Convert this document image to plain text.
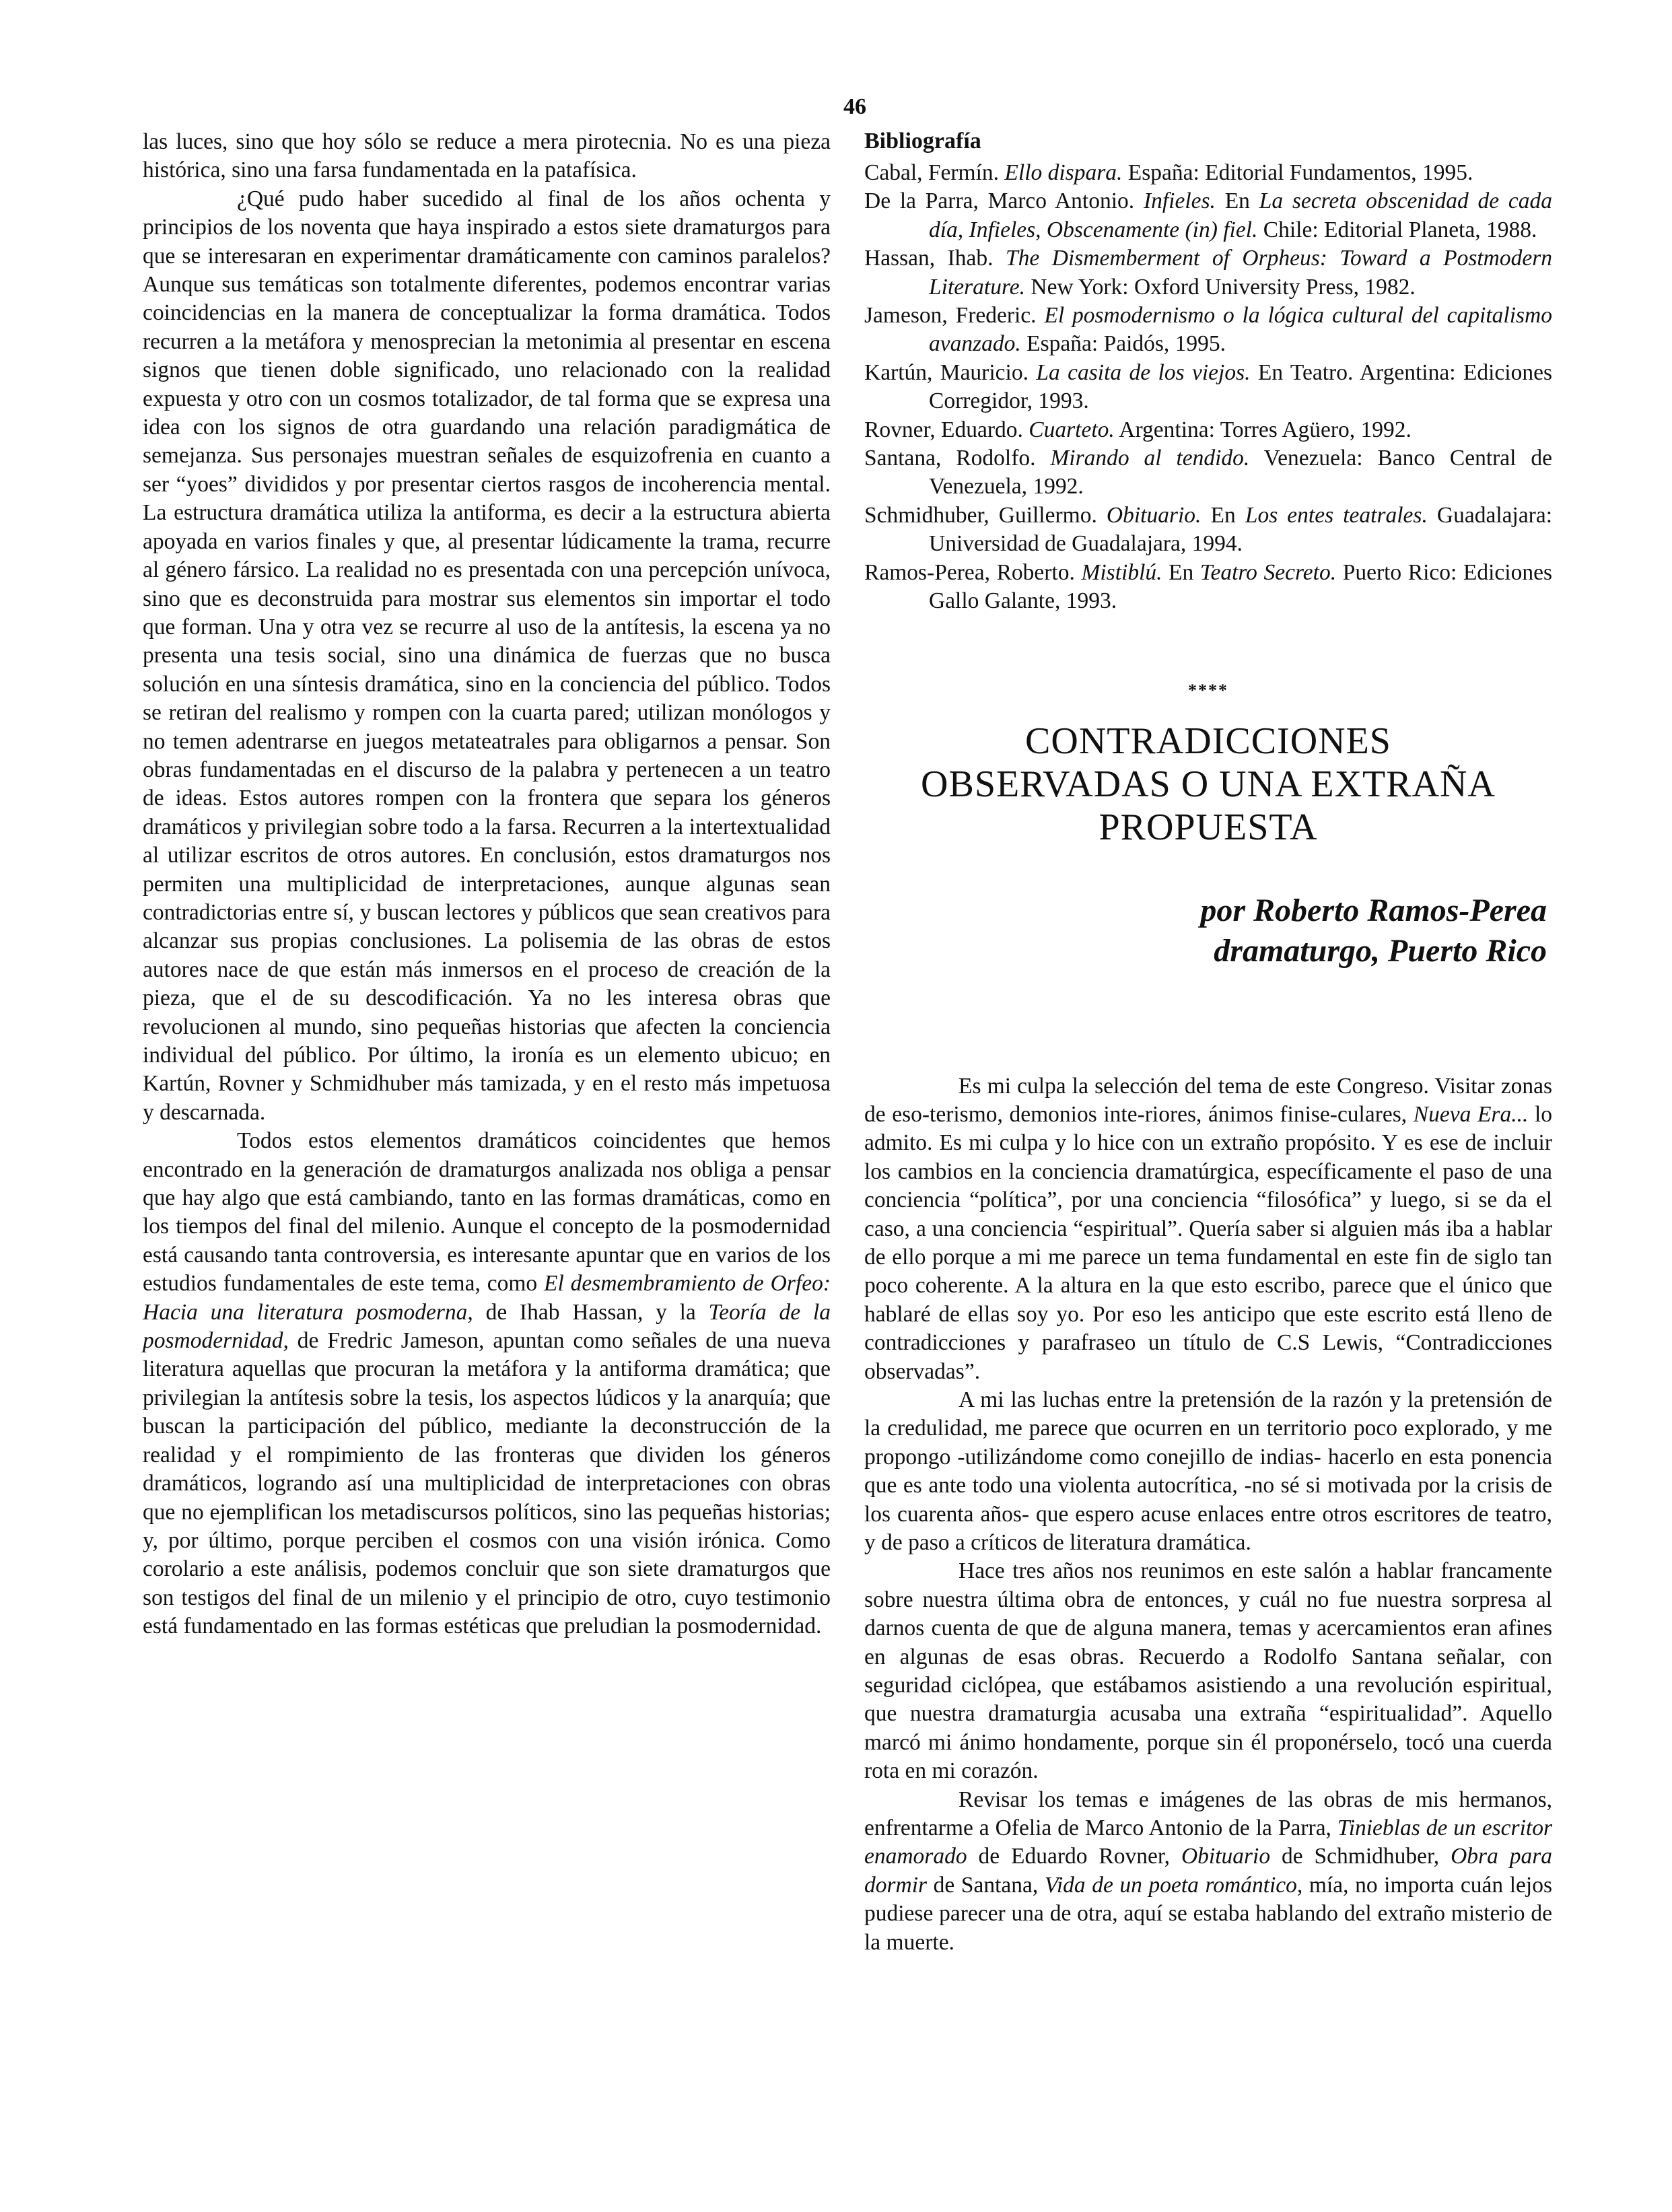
46

las luces, sino que hoy sólo se reduce a mera pirotecnia. No es una pieza histórica, sino una farsa fundamentada en la patafísica.

¿Qué pudo haber sucedido al final de los años ochenta y principios de los noventa que haya inspirado a estos siete dramaturgos para que se interesaran en experimentar dramáticamente con caminos paralelos? Aunque sus temáticas son totalmente diferentes, podemos encontrar varias coincidencias en la manera de conceptualizar la forma dramática. Todos recurren a la metáfora y menosprecian la metonimia al presentar en escena signos que tienen doble significado, uno relacionado con la realidad expuesta y otro con un cosmos totalizador, de tal forma que se expresa una idea con los signos de otra guardando una relación paradigmática de semejanza. Sus personajes muestran señales de esquizofrenia en cuanto a ser “yoes” divididos y por presentar ciertos rasgos de incoherencia mental. La estructura dramática utiliza la antiforma, es decir a la estructura abierta apoyada en varios finales y que, al presentar lúdicamente la trama, recurre al género fársico. La realidad no es presentada con una percepción unívoca, sino que es deconstruida para mostrar sus elementos sin importar el todo que forman. Una y otra vez se recurre al uso de la antítesis, la escena ya no presenta una tesis social, sino una dinámica de fuerzas que no busca solución en una síntesis dramática, sino en la conciencia del público. Todos se retiran del realismo y rompen con la cuarta pared; utilizan monólogos y no temen adentrarse en juegos metateatrales para obligarnos a pensar. Son obras fundamentadas en el discurso de la palabra y pertenecen a un teatro de ideas. Estos autores rompen con la frontera que separa los géneros dramáticos y privilegian sobre todo a la farsa. Recurren a la intertextualidad al utilizar escritos de otros autores. En conclusión, estos dramaturgos nos permiten una multiplicidad de interpretaciones, aunque algunas sean contradictorias entre sí, y buscan lectores y públicos que sean creativos para alcanzar sus propias conclusiones. La polisemia de las obras de estos autores nace de que están más inmersos en el proceso de creación de la pieza, que el de su descodificación. Ya no les interesa obras que revolucionen al mundo, sino pequeñas historias que afecten la conciencia individual del público. Por último, la ironía es un elemento ubicuo; en Kartún, Rovner y Schmidhuber más tamizada, y en el resto más impetuosa y descarnada.

Todos estos elementos dramáticos coincidentes que hemos encontrado en la generación de dramaturgos analizada nos obliga a pensar que hay algo que está cambiando, tanto en las formas dramáticas, como en los tiempos del final del milenio. Aunque el concepto de la posmodernidad está causando tanta controversia, es interesante apuntar que en varios de los estudios fundamentales de este tema, como El desmembramiento de Orfeo: Hacia una literatura posmoderna, de Ihab Hassan, y la Teoría de la posmodernidad, de Fredric Jameson, apuntan como señales de una nueva literatura aquellas que procuran la metáfora y la antiforma dramática; que privilegian la antítesis sobre la tesis, los aspectos lúdicos y la anarquía; que buscan la participación del público, mediante la deconstrucción de la realidad y el rompimiento de las fronteras que dividen los géneros dramáticos, logrando así una multiplicidad de interpretaciones con obras que no ejemplifican los metadiscursos políticos, sino las pequeñas historias; y, por último, porque perciben el cosmos con una visión irónica. Como corolario a este análisis, podemos concluir que son siete dramaturgos que son testigos del final de un milenio y el principio de otro, cuyo testimonio está fundamentado en las formas estéticas que preludian la posmodernidad.

Bibliografía

Cabal, Fermín. Ello dispara. España: Editorial Fundamentos, 1995.

De la Parra, Marco Antonio. Infieles. En La secreta obscenidad de cada día, Infieles, Obscenamente (in) fiel. Chile: Editorial Planeta, 1988.

Hassan, Ihab. The Dismemberment of Orpheus: Toward a Postmodern Literature. New York: Oxford University Press, 1982.

Jameson, Frederic. El posmodernismo o la lógica cultural del capitalismo avanzado. España: Paidós, 1995.

Kartún, Mauricio. La casita de los viejos. En Teatro. Argentina: Ediciones Corregidor, 1993.

Rovner, Eduardo. Cuarteto. Argentina: Torres Agüero, 1992.

Santana, Rodolfo. Mirando al tendido. Venezuela: Banco Central de Venezuela, 1992.

Schmidhuber, Guillermo. Obituario. En Los entes teatrales. Guadalajara: Universidad de Guadalajara, 1994.

Ramos-Perea, Roberto. Mistiblú. En Teatro Secreto. Puerto Rico: Ediciones Gallo Galante, 1993.

****
CONTRADICCIONES
OBSERVADAS O UNA EXTRAÑA
PROPUESTA
por Roberto Ramos-Perea
dramaturgo, Puerto Rico

Es mi culpa la selección del tema de este Congreso. Visitar zonas de eso-terismo, demonios inte-riores, ánimos finise-culares, Nueva Era... lo admito. Es mi culpa y lo hice con un extraño propósito. Y es ese de incluir los cambios en la conciencia dramatúrgica, específicamente el paso de una conciencia “política”, por una conciencia “filosófica” y luego, si se da el caso, a una conciencia “espiritual”. Quería saber si alguien más iba a hablar de ello porque a mi me parece un tema fundamental en este fin de siglo tan poco coherente. A la altura en la que esto escribo, parece que el único que hablaré de ellas soy yo. Por eso les anticipo que este escrito está lleno de contradicciones y parafraseo un título de C.S Lewis, “Contradicciones observadas”.

A mi las luchas entre la pretensión de la razón y la pretensión de la credulidad, me parece que ocurren en un territorio poco explorado, y me propongo -utilizándome como conejillo de indias- hacerlo en esta ponencia que es ante todo una violenta autocrítica, -no sé si motivada por la crisis de los cuarenta años- que espero acuse enlaces entre otros escritores de teatro, y de paso a críticos de literatura dramática.

Hace tres años nos reunimos en este salón a hablar francamente sobre nuestra última obra de entonces, y cuál no fue nuestra sorpresa al darnos cuenta de que de alguna manera, temas y acercamientos eran afines en algunas de esas obras. Recuerdo a Rodolfo Santana señalar, con seguridad ciclópea, que estábamos asistiendo a una revolución espiritual, que nuestra dramaturgia acusaba una extraña “espiritualidad”. Aquello marcó mi ánimo hondamente, porque sin él proponérselo, tocó una cuerda rota en mi corazón.

Revisar los temas e imágenes de las obras de mis hermanos, enfrentarme a Ofelia de Marco Antonio de la Parra, Tinieblas de un escritor enamorado de Eduardo Rovner, Obituario de Schmidhuber, Obra para dormir de Santana, Vida de un poeta romántico, mía, no importa cuán lejos pudiese parecer una de otra, aquí se estaba hablando del extraño misterio de la muerte.
